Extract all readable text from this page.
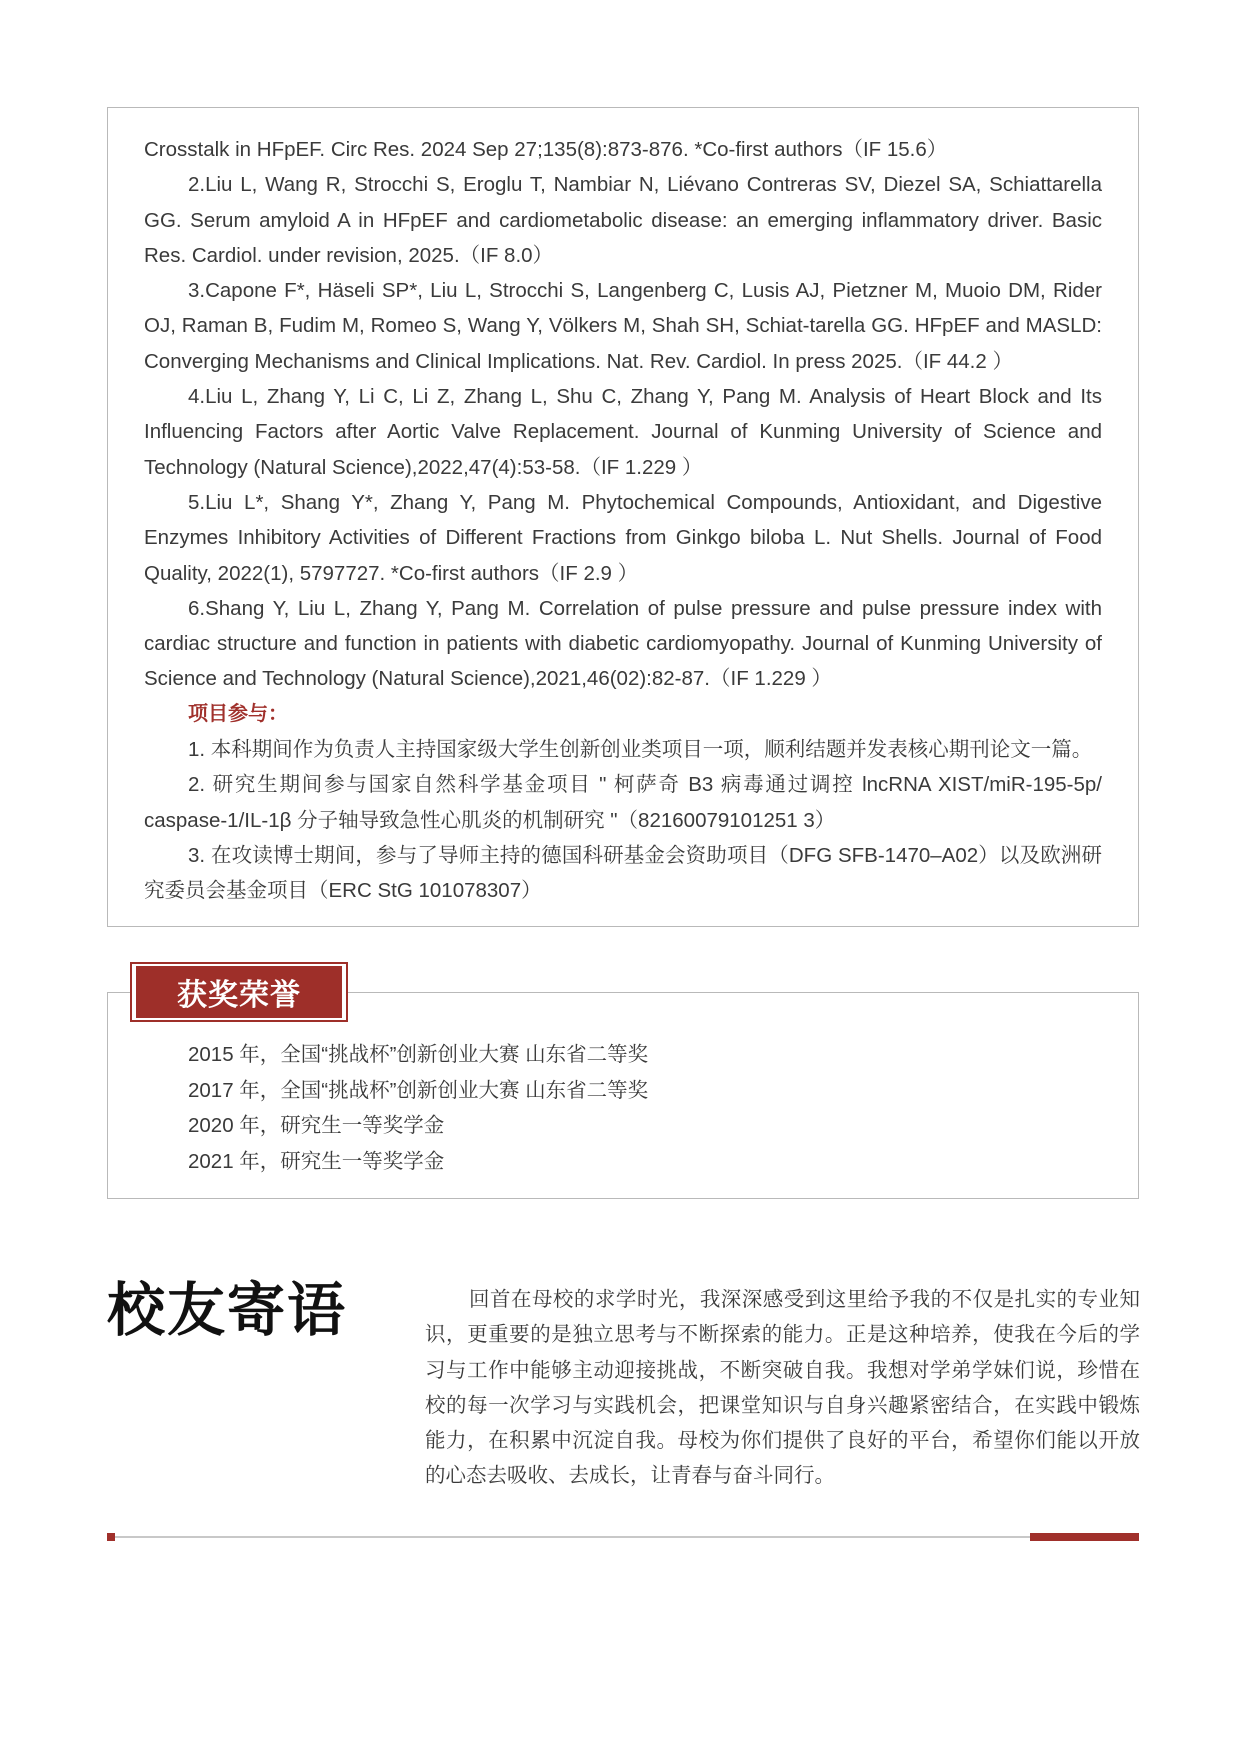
Crosstalk in HFpEF. Circ Res. 2024 Sep 27;135(8):873-876. *Co-first authors（IF 15.6）

2.Liu L, Wang R, Strocchi S, Eroglu T, Nambiar N, Liévano Contreras SV, Diezel SA, Schiattarella GG. Serum amyloid A in HFpEF and cardiometabolic disease: an emerging inflammatory driver. Basic Res. Cardiol. under revision, 2025.（IF 8.0）

3.Capone F*, Häseli SP*, Liu L, Strocchi S, Langenberg C, Lusis AJ, Pietzner M, Muoio DM, Rider OJ, Raman B, Fudim M, Romeo S, Wang Y, Völkers M, Shah SH, Schiat-tarella GG. HFpEF and MASLD: Converging Mechanisms and Clinical Implications. Nat. Rev. Cardiol. In press 2025.（IF 44.2 ）

4.Liu L, Zhang Y, Li C, Li Z, Zhang L, Shu C, Zhang Y, Pang M. Analysis of Heart Block and Its Influencing Factors after Aortic Valve Replacement. Journal of Kunming University of Science and Technology (Natural Science),2022,47(4):53-58.（IF 1.229 ）

5.Liu L*, Shang Y*, Zhang Y, Pang M. Phytochemical Compounds, Antioxidant, and Digestive Enzymes Inhibitory Activities of Different Fractions from Ginkgo biloba L. Nut Shells. Journal of Food Quality, 2022(1), 5797727. *Co-first authors（IF 2.9 ）

6.Shang Y, Liu L, Zhang Y, Pang M. Correlation of pulse pressure and pulse pressure index with cardiac structure and function in patients with diabetic cardiomyopathy. Journal of Kunming University of Science and Technology (Natural Science),2021,46(02):82-87.（IF 1.229 ）

项目参与：

1. 本科期间作为负责人主持国家级大学生创新创业类项目一项，顺利结题并发表核心期刊论文一篇。

2. 研究生期间参与国家自然科学基金项目 " 柯萨奇 B3 病毒通过调控 lncRNA XIST/miR-195-5p/ caspase-1/IL-1β 分子轴导致急性心肌炎的机制研究 "（82160079101251 3）

3. 在攻读博士期间，参与了导师主持的德国科研基金会资助项目（DFG SFB-1470–A02）以及欧洲研究委员会基金项目（ERC StG 101078307）

2015 年，全国“挑战杯”创新创业大赛 山东省二等奖

2017 年，全国“挑战杯”创新创业大赛 山东省二等奖

2020 年，研究生一等奖学金

2021 年，研究生一等奖学金

获奖荣誉
校友寄语	回首在母校的求学时光，我深深感受到这里给予我的不仅是扎实的专业知识，更重要的是独立思考与不断探索的能力。正是这种培养，使我在今后的学习与工作中能够主动迎接挑战，不断突破自我。我想对学弟学妹们说，珍惜在校的每一次学习与实践机会，把课堂知识与自身兴趣紧密结合，在实践中锻炼能力，在积累中沉淀自我。母校为你们提供了良好的平台，希望你们能以开放的心态去吸收、去成长，让青春与奋斗同行。
